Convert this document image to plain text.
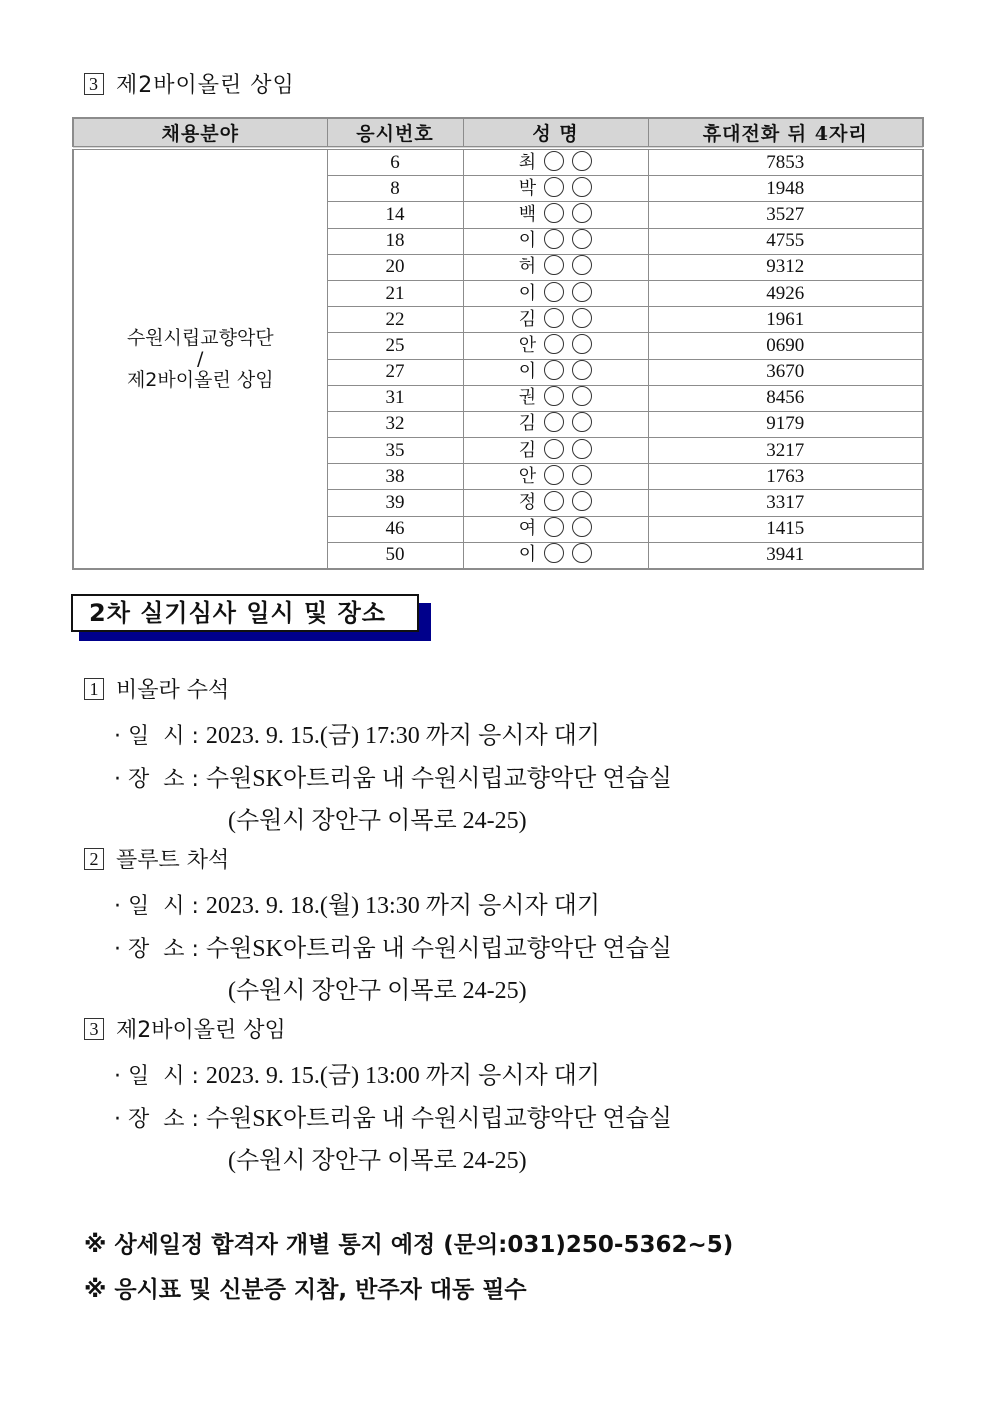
3 제2바이올린 상임
채용분야	응시번호	성 명	휴대전화 뒤 4자리

수원시립교향악단
/
제2바이올린 상임	6	최	7853
	8	박	1948
	14	백	3527
	18	이	4755
	20	허	9312
	21	이	4926
	22	김	1961
	25	안	0690
	27	이	3670
	31	권	8456
	32	김	9179
	35	김	3217
	38	안	1763
	39	정	3317
	46	여	1415
	50	이	3941
2차 실기심사 일시 및 장소
1 비올라 수석
· 일  시 : 2023. 9. 15.(금) 17:30 까지 응시자 대기
· 장  소 : 수원SK아트리움 내 수원시립교향악단 연습실
(수원시 장안구 이목로 24-25)
2 플루트 차석
· 일  시 : 2023. 9. 18.(월) 13:30 까지 응시자 대기
· 장  소 : 수원SK아트리움 내 수원시립교향악단 연습실
(수원시 장안구 이목로 24-25)
3 제2바이올린 상임
· 일  시 : 2023. 9. 15.(금) 13:00 까지 응시자 대기
· 장  소 : 수원SK아트리움 내 수원시립교향악단 연습실
(수원시 장안구 이목로 24-25)
※ 상세일정 합격자 개별 통지 예정 (문의:031)250-5362~5)
※ 응시표 및 신분증 지참, 반주자 대동 필수
